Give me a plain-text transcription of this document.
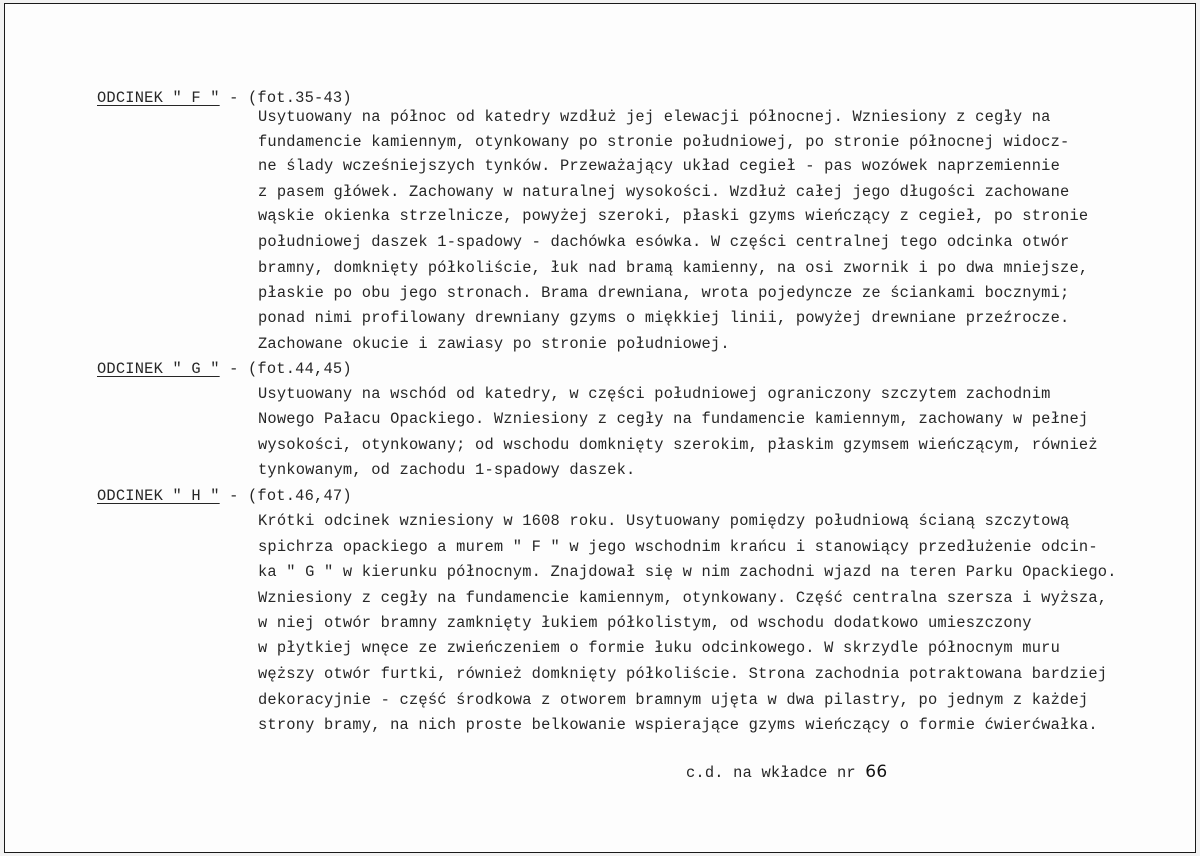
ODCINEK " F " - (fot.35-43)
Usytuowany na północ od katedry wzdłuż jej elewacji północnej. Wzniesiony z cegły na
fundamencie kamiennym, otynkowany po stronie południowej, po stronie północnej widocz-
ne ślady wcześniejszych tynków. Przeważający układ cegieł - pas wozówek naprzemiennie
z pasem główek. Zachowany w naturalnej wysokości. Wzdłuż całej jego długości zachowane
wąskie okienka strzelnicze, powyżej szeroki, płaski gzyms wieńczący z cegieł, po stronie
południowej daszek 1-spadowy - dachówka esówka. W części centralnej tego odcinka otwór
bramny, domknięty półkoliście, łuk nad bramą kamienny, na osi zwornik i po dwa mniejsze,
płaskie po obu jego stronach. Brama drewniana, wrota pojedyncze ze ściankami bocznymi;
ponad nimi profilowany drewniany gzyms o miękkiej linii, powyżej drewniane przeźrocze.
Zachowane okucie i zawiasy po stronie południowej.
ODCINEK " G " - (fot.44,45)
Usytuowany na wschód od katedry, w części południowej ograniczony szczytem zachodnim
Nowego Pałacu Opackiego. Wzniesiony z cegły na fundamencie kamiennym, zachowany w pełnej
wysokości, otynkowany; od wschodu domknięty szerokim, płaskim gzymsem wieńczącym, również
tynkowanym, od zachodu 1-spadowy daszek.
ODCINEK " H " - (fot.46,47)
Krótki odcinek wzniesiony w 1608 roku. Usytuowany pomiędzy południową ścianą szczytową
spichrza opackiego a murem " F " w jego wschodnim krańcu i stanowiący przedłużenie odcin-
ka " G " w kierunku północnym. Znajdował się w nim zachodni wjazd na teren Parku Opackiego.
Wzniesiony z cegły na fundamencie kamiennym, otynkowany. Część centralna szersza i wyższa,
w niej otwór bramny zamknięty łukiem półkolistym, od wschodu dodatkowo umieszczony
w płytkiej wnęce ze zwieńczeniem o formie łuku odcinkowego. W skrzydle północnym muru
węższy otwór furtki, również domknięty półkoliście. Strona zachodnia potraktowana bardziej
dekoracyjnie - część środkowa z otworem bramnym ujęta w dwa pilastry, po jednym z każdej
strony bramy, na nich proste belkowanie wspierające gzyms wieńczący o formie ćwierćwałka.
c.d. na wkładce nr 66
